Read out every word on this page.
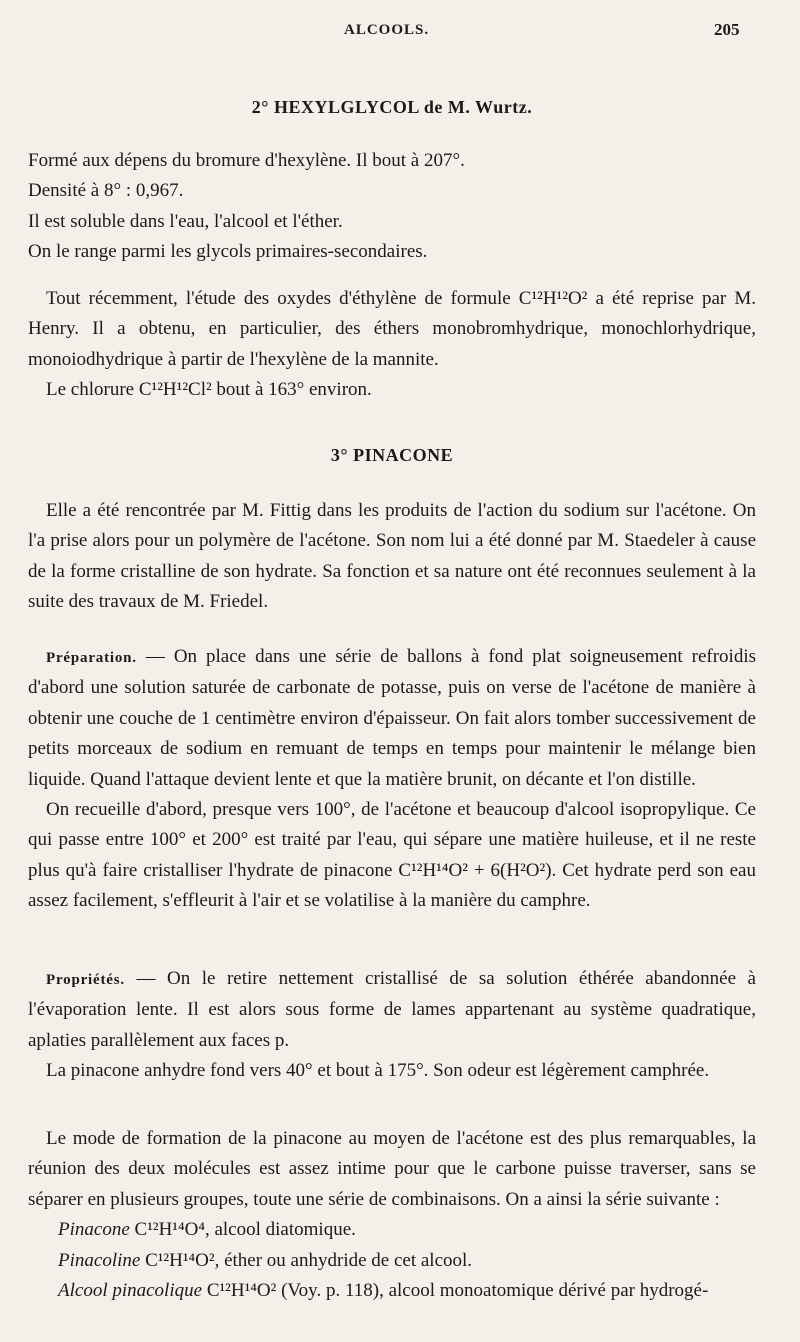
ALCOOLS.	205
2° HEXYLGLYCOL de M. Wurtz.

Formé aux dépens du bromure d'hexylène. Il bout à 207°.

Densité à 8° : 0,967.

Il est soluble dans l'eau, l'alcool et l'éther.

On le range parmi les glycols primaires-secondaires.

Tout récemment, l'étude des oxydes d'éthylène de formule C¹²H¹²O² a été reprise par M. Henry. Il a obtenu, en particulier, des éthers monobromhydrique, monochlorhydrique, monoiodhydrique à partir de l'hexylène de la mannite.

Le chlorure C¹²H¹²Cl² bout à 163° environ.

3° PINACONE

Elle a été rencontrée par M. Fittig dans les produits de l'action du sodium sur l'acétone. On l'a prise alors pour un polymère de l'acétone. Son nom lui a été donné par M. Staedeler à cause de la forme cristalline de son hydrate. Sa fonction et sa nature ont été reconnues seulement à la suite des travaux de M. Friedel.

Préparation. — On place dans une série de ballons à fond plat soigneusement refroidis d'abord une solution saturée de carbonate de potasse, puis on verse de l'acétone de manière à obtenir une couche de 1 centimètre environ d'épaisseur. On fait alors tomber successivement de petits morceaux de sodium en remuant de temps en temps pour maintenir le mélange bien liquide. Quand l'attaque devient lente et que la matière brunit, on décante et l'on distille.

On recueille d'abord, presque vers 100°, de l'acétone et beaucoup d'alcool isopropylique. Ce qui passe entre 100° et 200° est traité par l'eau, qui sépare une matière huileuse, et il ne reste plus qu'à faire cristalliser l'hydrate de pinacone C¹²H¹⁴O² + 6(H²O²). Cet hydrate perd son eau assez facilement, s'effleurit à l'air et se volatilise à la manière du camphre.

Propriétés. — On le retire nettement cristallisé de sa solution éthérée abandonnée à l'évaporation lente. Il est alors sous forme de lames appartenant au système quadratique, aplaties parallèlement aux faces p.

La pinacone anhydre fond vers 40° et bout à 175°. Son odeur est légèrement camphrée.

Le mode de formation de la pinacone au moyen de l'acétone est des plus remarquables, la réunion des deux molécules est assez intime pour que le carbone puisse traverser, sans se séparer en plusieurs groupes, toute une série de combinaisons. On a ainsi la série suivante :

Pinacone C¹²H¹⁴O⁴, alcool diatomique.

Pinacoline C¹²H¹⁴O², éther ou anhydride de cet alcool.

Alcool pinacolique C¹²H¹⁴O² (Voy. p. 118), alcool monoatomique dérivé par hydrogé-
